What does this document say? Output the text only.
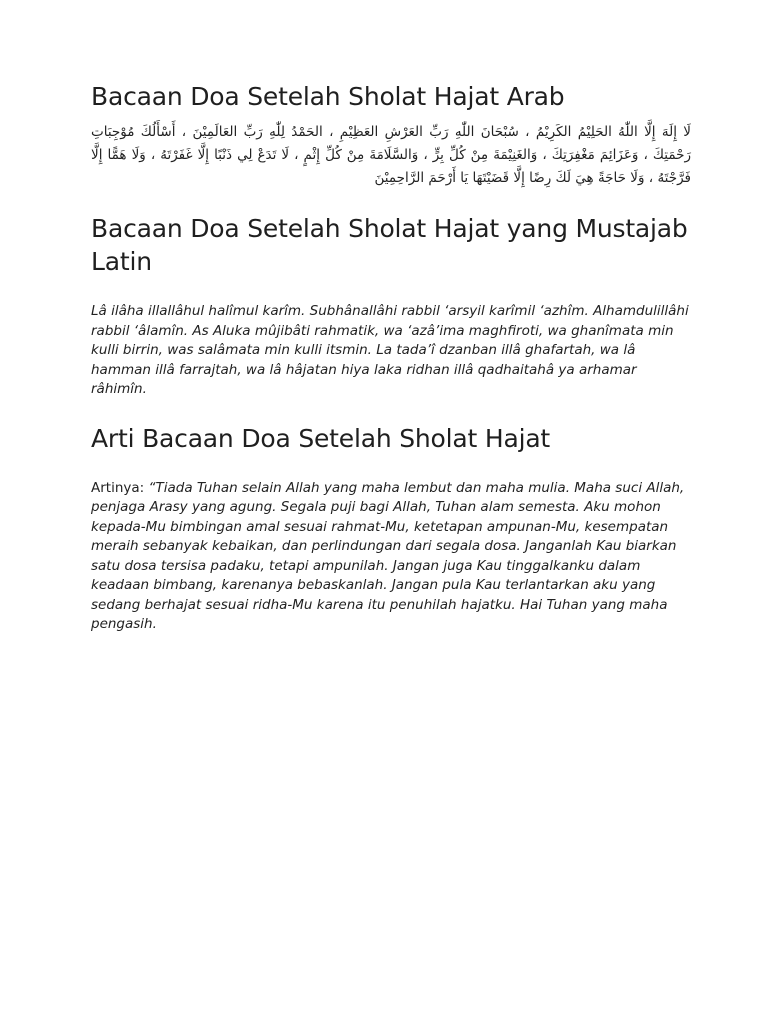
Bacaan Doa Setelah Sholat Hajat Arab

لَا إِلَهَ إِلَّا اللّٰهُ الحَلِيْمُ الكَرِيْمُ ، سُبْحَانَ اللّٰهِ رَبِّ العَرْشِ العَظِيْمِ ، الحَمْدُ لِلّٰهِ رَبِّ العَالَمِيْنَ ، أَسْأَلُكَ مُوْجِبَاتِ رَحْمَتِكَ ، وَعَزَائِمَ مَغْفِرَتِكَ ، وَالغَنِيْمَةَ مِنْ كُلِّ بِرٍّ ، وَالسَّلَامَةَ مِنْ كُلِّ إِثْمٍ ، لَا تَدَعْ لِي ذَنْبًا إِلَّا غَفَرْتَهُ ، وَلَا هَمًّا إِلَّا فَرَّجْتَهُ ، وَلَا حَاجَةً هِيَ لَكَ رِضًا إِلَّا قَضَيْتَهَا يَا أَرْحَمَ الرَّاحِمِيْنَ

Bacaan Doa Setelah Sholat Hajat yang Mustajab Latin

Lâ ilâha illallâhul halîmul karîm. Subhânallâhi rabbil ‘arsyil karîmil ‘azhîm. Alhamdulillâhi rabbil ‘âlamîn. As Aluka mûjibâti rahmatik, wa ‘azâ’ima maghfiroti, wa ghanîmata min kulli birrin, was salâmata min kulli itsmin. La tada’î dzanban illâ ghafartah, wa lâ hamman illâ farrajtah, wa lâ hâjatan hiya laka ridhan illâ qadhaitahâ ya arhamar râhimîn.

Arti Bacaan Doa Setelah Sholat Hajat

Artinya: “Tiada Tuhan selain Allah yang maha lembut dan maha mulia. Maha suci Allah, penjaga Arasy yang agung. Segala puji bagi Allah, Tuhan alam semesta. Aku mohon kepada-Mu bimbingan amal sesuai rahmat-Mu, ketetapan ampunan-Mu, kesempatan meraih sebanyak kebaikan, dan perlindungan dari segala dosa. Janganlah Kau biarkan satu dosa tersisa padaku, tetapi ampunilah. Jangan juga Kau tinggalkanku dalam keadaan bimbang, karenanya bebaskanlah. Jangan pula Kau terlantarkan aku yang sedang berhajat sesuai ridha-Mu karena itu penuhilah hajatku. Hai Tuhan yang maha pengasih.
